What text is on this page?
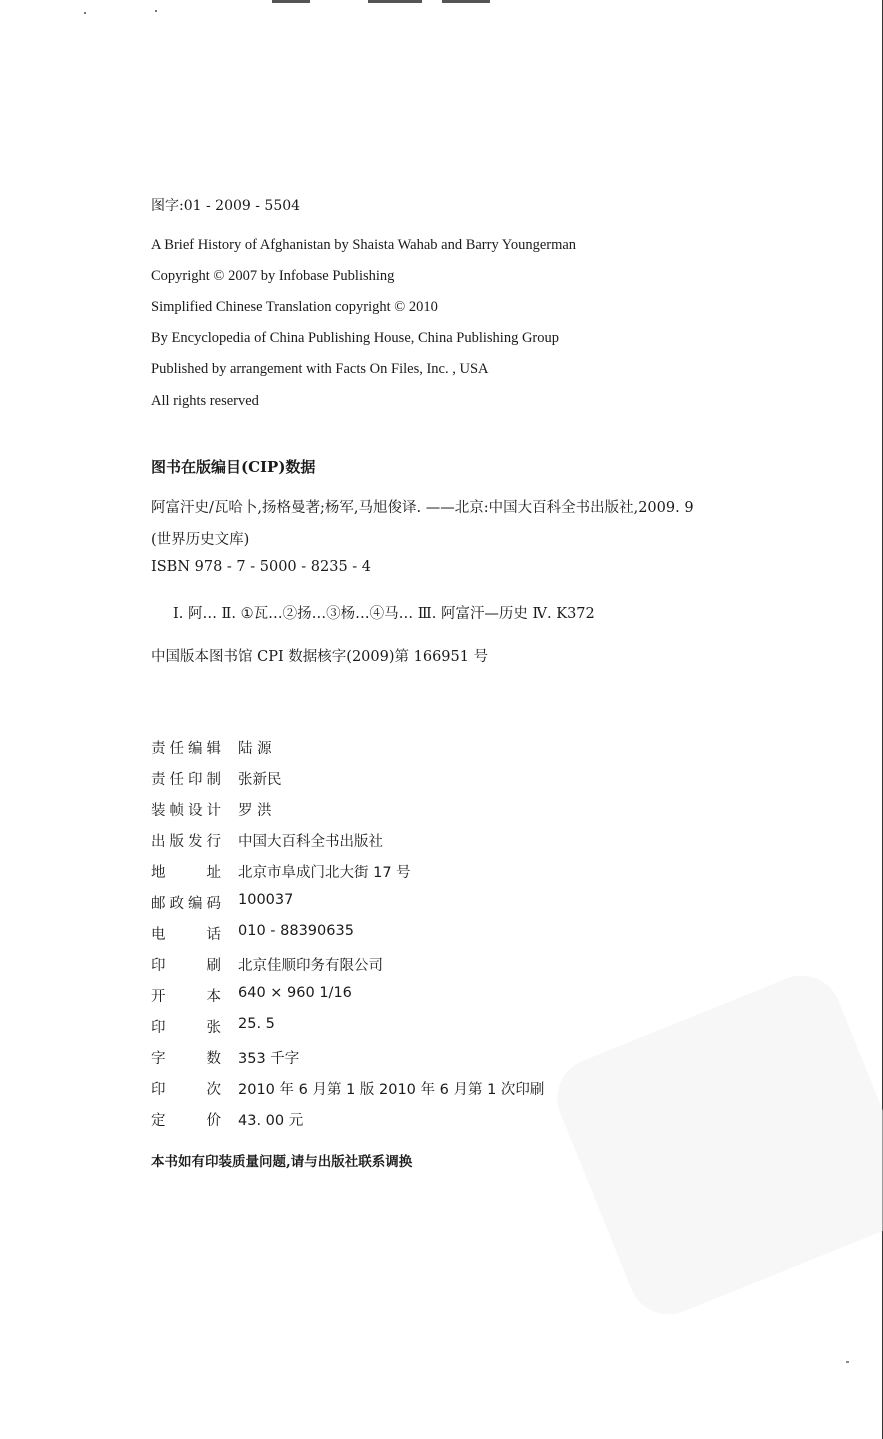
图字:01 - 2009 - 5504
A Brief History of Afghanistan by Shaista Wahab and Barry Youngerman
Copyright © 2007 by Infobase Publishing
Simplified Chinese Translation copyright © 2010
By Encyclopedia of China Publishing House, China Publishing Group
Published by arrangement with Facts On Files, Inc. , USA
All rights reserved
图书在版编目(CIP)数据
阿富汗史/瓦哈卜,扬格曼著;杨军,马旭俊译. ——北京:中国大百科全书出版社,2009. 9
(世界历史文库)
ISBN 978 - 7 - 5000 - 8235 - 4
Ⅰ. 阿… Ⅱ. ①瓦…②扬…③杨…④马… Ⅲ. 阿富汗—历史 Ⅳ. K372
中国版本图书馆 CPI 数据核字(2009)第 166951 号
责 任 编 辑 陆 源
责 任 印 制 张新民
装 帧 设 计 罗 洪
出 版 发 行 中国大百科全书出版社
地	址 北京市阜成门北大街 17 号
邮 政 编 码 100037
电	话 010 - 88390635
印	刷 北京佳顺印务有限公司
开	本 640 × 960 1/16
印	张 25. 5
字	数 353 千字
印	次 2010 年 6 月第 1 版 2010 年 6 月第 1 次印刷
定	价 43. 00 元
本书如有印装质量问题,请与出版社联系调换
